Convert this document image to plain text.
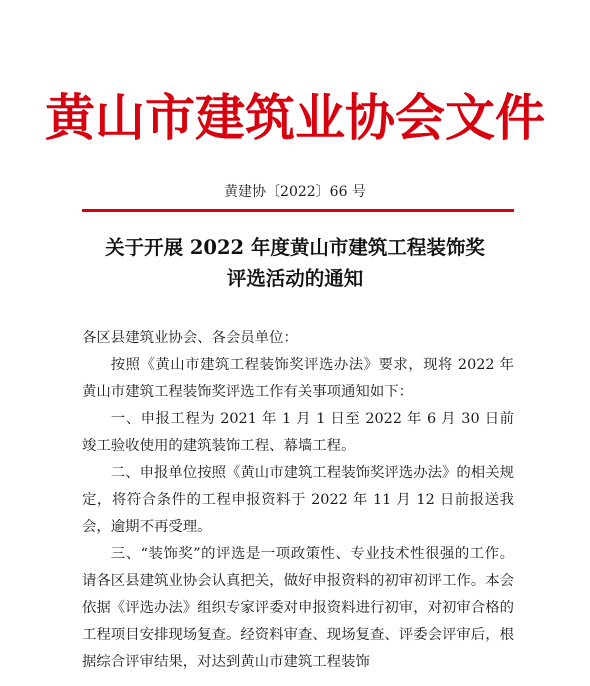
黄山市建筑业协会文件
黄建协〔2022〕66 号
关于开展 2022 年度黄山市建筑工程装饰奖
评选活动的通知

各区县建筑业协会、各会员单位：

按照《黄山市建筑工程装饰奖评选办法》要求，现将 2022 年黄山市建筑工程装饰奖评选工作有关事项通知如下：

一、申报工程为 2021 年 1 月 1 日至 2022 年 6 月 30 日前竣工验收使用的建筑装饰工程、幕墙工程。

二、申报单位按照《黄山市建筑工程装饰奖评选办法》的相关规定，将符合条件的工程申报资料于 2022 年 11 月 12 日前报送我会，逾期不再受理。

三、“装饰奖”的评选是一项政策性、专业技术性很强的工作。请各区县建筑业协会认真把关，做好申报资料的初审初评工作。本会依据《评选办法》组织专家评委对申报资料进行初审，对初审合格的工程项目安排现场复查。经资料审查、现场复查、评委会评审后，根据综合评审结果，对达到黄山市建筑工程装饰
